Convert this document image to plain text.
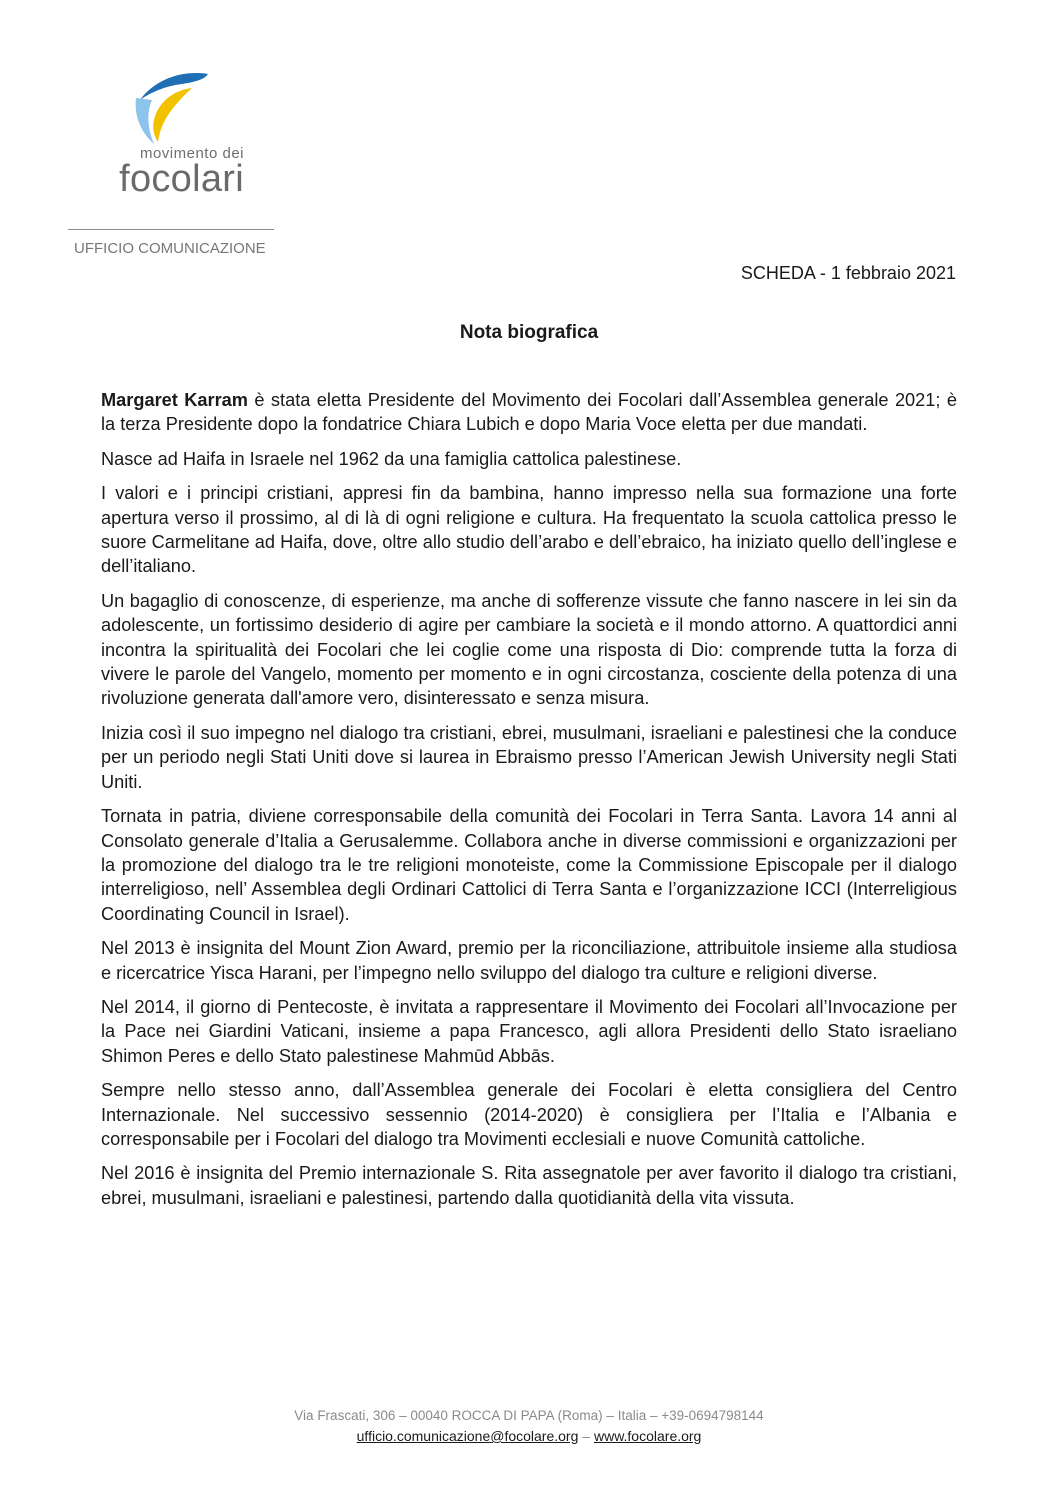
movimento dei
focolari
UFFICIO COMUNICAZIONE
SCHEDA - 1 febbraio 2021
Nota biografica

Margaret Karram è stata eletta Presidente del Movimento dei Focolari dall’Assemblea generale 2021; è la terza Presidente dopo la fondatrice Chiara Lubich e dopo Maria Voce eletta per due mandati.

Nasce ad Haifa in Israele nel 1962 da una famiglia cattolica palestinese.

I valori e i principi cristiani, appresi fin da bambina, hanno impresso nella sua formazione una forte apertura verso il prossimo, al di là di ogni religione e cultura. Ha frequentato la scuola cattolica presso le suore Carmelitane ad Haifa, dove, oltre allo studio dell’arabo e dell’ebraico, ha iniziato quello dell’inglese e dell’italiano.

Un bagaglio di conoscenze, di esperienze, ma anche di sofferenze vissute che fanno nascere in lei sin da adolescente, un fortissimo desiderio di agire per cambiare la società e il mondo attorno. A quattordici anni incontra la spiritualità dei Focolari che lei coglie come una risposta di Dio: comprende tutta la forza di vivere le parole del Vangelo, momento per momento e in ogni circostanza, cosciente della potenza di una rivoluzione generata dall'amore vero, disinteressato e senza misura.

Inizia così il suo impegno nel dialogo tra cristiani, ebrei, musulmani, israeliani e palestinesi che la conduce per un periodo negli Stati Uniti dove si laurea in Ebraismo presso l’American Jewish University negli Stati Uniti.

Tornata in patria, diviene corresponsabile della comunità dei Focolari in Terra Santa. Lavora 14 anni al Consolato generale d’Italia a Gerusalemme. Collabora anche in diverse commissioni e organizzazioni per la promozione del dialogo tra le tre religioni monoteiste, come la Commissione Episcopale per il dialogo interreligioso, nell’ Assemblea degli Ordinari Cattolici di Terra Santa e l’organizzazione ICCI (Interreligious Coordinating Council in Israel).

Nel 2013 è insignita del Mount Zion Award, premio per la riconciliazione, attribuitole insieme alla studiosa e ricercatrice Yisca Harani, per l’impegno nello sviluppo del dialogo tra culture e religioni diverse.

Nel 2014, il giorno di Pentecoste, è invitata a rappresentare il Movimento dei Focolari all’Invocazione per la Pace nei Giardini Vaticani, insieme a papa Francesco, agli allora Presidenti dello Stato israeliano Shimon Peres e dello Stato palestinese Mahmūd Abbās.

Sempre nello stesso anno, dall’Assemblea generale dei Focolari è eletta consigliera del Centro Internazionale. Nel successivo sessennio (2014-2020) è consigliera per l’Italia e l’Albania e corresponsabile per i Focolari del dialogo tra Movimenti ecclesiali e nuove Comunità cattoliche.

Nel 2016 è insignita del Premio internazionale S. Rita assegnatole per aver favorito il dialogo tra cristiani, ebrei, musulmani, israeliani e palestinesi, partendo dalla quotidianità della vita vissuta.

Via Frascati, 306 – 00040 ROCCA DI PAPA (Roma) – Italia – +39-0694798144
ufficio.comunicazione@focolare.org – www.focolare.org
